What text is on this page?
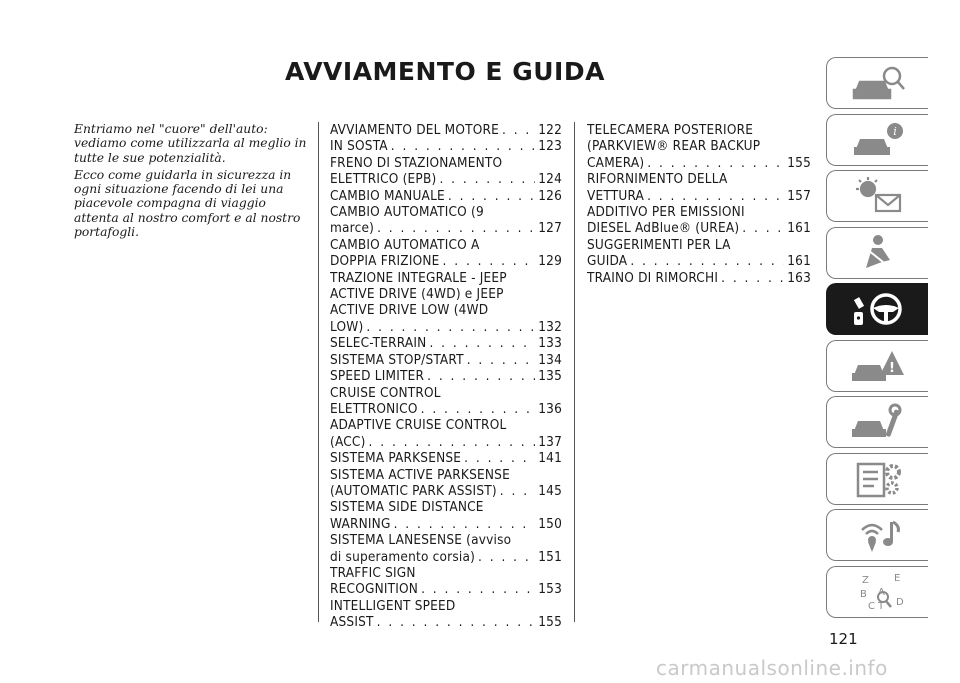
AVVIAMENTO E GUIDA

Entriamo nel "cuore" dell'auto: vediamo come utilizzarla al meglio in tutte le sue potenzialità.

Ecco come guidarla in sicurezza in ogni situazione facendo di lei una piacevole compagna di viaggio attenta al nostro comfort e al nostro portafogli.

AVVIAMENTO DEL MOTORE . . .	122
IN SOSTA . . .	123
FRENO DI STAZIONAMENTO
ELETTRICO (EPB) . . .	124
CAMBIO MANUALE . . .	126
CAMBIO AUTOMATICO (9
marce) . . .	127
CAMBIO AUTOMATICO A
DOPPIA FRIZIONE . . .	129
TRAZIONE INTEGRALE - JEEP
ACTIVE DRIVE (4WD) e JEEP
ACTIVE DRIVE LOW (4WD
LOW) . . .	132
SELEC-TERRAIN . . .	133
SISTEMA STOP/START . . .	134
SPEED LIMITER . . .	135
CRUISE CONTROL
ELETTRONICO . . .	136
ADAPTIVE CRUISE CONTROL
(ACC) . . .	137
SISTEMA PARKSENSE . . .	141
SISTEMA ACTIVE PARKSENSE
(AUTOMATIC PARK ASSIST) . . .	145
SISTEMA SIDE DISTANCE
WARNING . . .	150
SISTEMA LANESENSE (avviso
di superamento corsia) . . .	151
TRAFFIC SIGN
RECOGNITION . . .	153
INTELLIGENT SPEED
ASSIST . . .	155
TELECAMERA POSTERIORE
(PARKVIEW® REAR BACKUP
CAMERA) . . .	155
RIFORNIMENTO DELLA
VETTURA . . .	157
ADDITIVO PER EMISSIONI
DIESEL AdBlue® (UREA) . . .	161
SUGGERIMENTI PER LA
GUIDA . . .	161
TRAINO DI RIMORCHI . . .	163
i
!
Z	E
B A
C T D
121
carmanualsonline.info
